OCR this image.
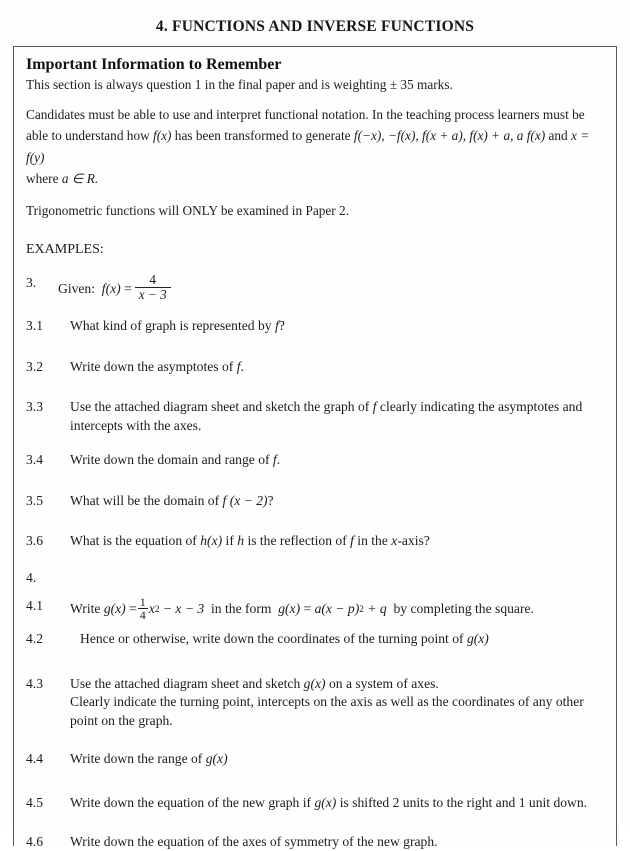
4. FUNCTIONS AND INVERSE FUNCTIONS
Important Information to Remember
This section is always question 1 in the final paper and is weighting ± 35 marks.
Candidates must be able to use and interpret functional notation. In the teaching process learners must be
able to understand how f(x) has been transformed to generate f(−x), −f(x), f(x + a), f(x) + a, a f(x) and x = f(y)
where a ∈ R.
Trigonometric functions will ONLY be examined in Paper 2.
EXAMPLES:
3.	Given:
f(x)
= $\frac{4}{x - 3}$
3.1	What kind of graph is represented by f?
3.2	Write down the asymptotes of f.
3.3	Use the attached diagram sheet and sketch the graph of f clearly indicating the asymptotes and intercepts with the axes.
3.4	Write down the domain and range of f.
3.5	What will be the domain of f (x − 2)?
3.6	What is the equation of h(x) if h is the reflection of f in the x-axis?
4.
4.1	Write
g(x)
= $\frac{1}{4}$ x 2
− x − 3
in the form
g(x)
=
a(x − p) 2
+ q
by completing the square.
4.2	Hence or otherwise, write down the coordinates of the turning point of g(x)
4.3	Use the attached diagram sheet and sketch g(x) on a system of axes.
Clearly indicate the turning point, intercepts on the axis as well as the coordinates of any other point on the graph.
4.4	Write down the range of g(x)
4.5	Write down the equation of the new graph if g(x) is shifted 2 units to the right and 1 unit down.
4.6	Write down the equation of the axes of symmetry of the new graph.
